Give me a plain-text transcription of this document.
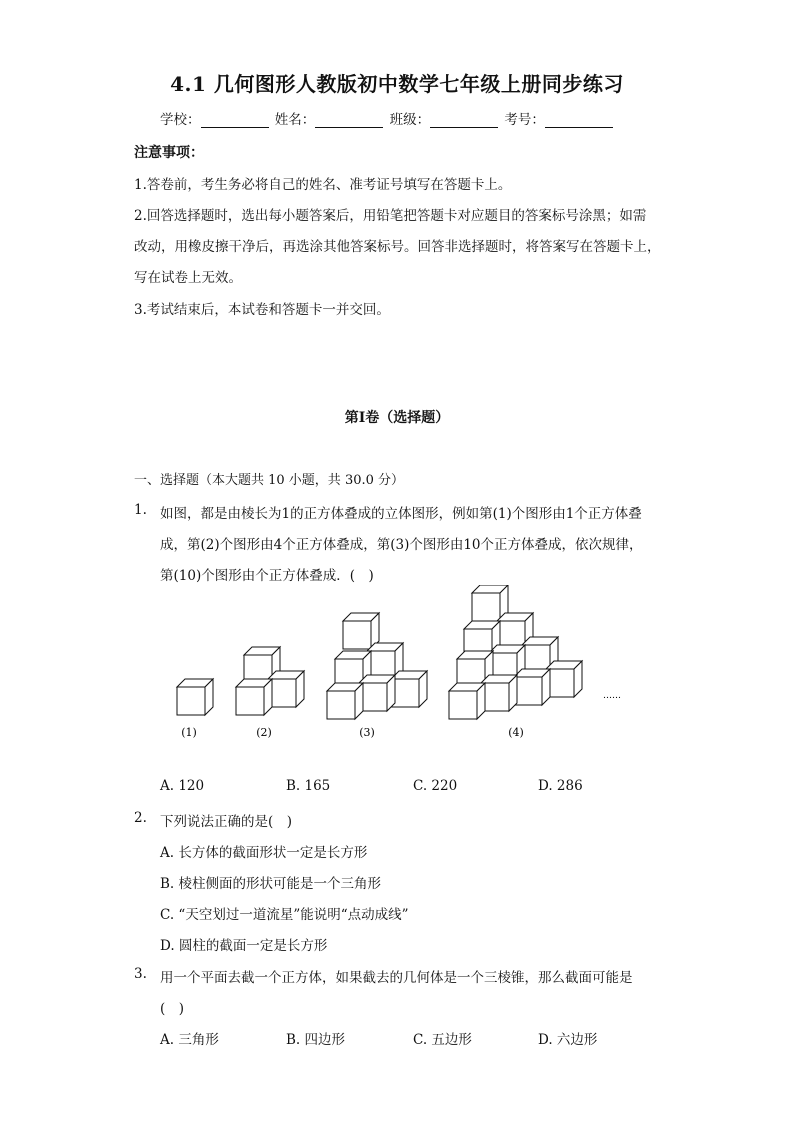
4.1 几何图形人教版初中数学七年级上册同步练习
学校：	姓名：	班级：	考号：
注意事项：
1.答卷前，考生务必将自己的姓名、准考证号填写在答题卡上。
2.回答选择题时，选出每小题答案后，用铅笔把答题卡对应题目的答案标号涂黑；如需
改动，用橡皮擦干净后，再选涂其他答案标号。回答非选择题时，将答案写在答题卡上，
写在试卷上无效。
3.考试结束后，本试卷和答题卡一并交回。
第Ⅰ卷（选择题）
一、选择题（本大题共 10 小题，共 30.0 分）
1. 如图，都是由棱长为1的正方体叠成的立体图形，例如第(1)个图形由1个正方体叠
成，第(2)个图形由4个正方体叠成，第(3)个图形由10个正方体叠成，依次规律，
第(10)个图形由个正方体叠成．(　)
(1)	(2)	(3)	(4)
……
A. 120	B. 165	C. 220	D. 286
2. 下列说法正确的是(　)
A. 长方体的截面形状一定是长方形
B. 棱柱侧面的形状可能是一个三角形
C. “天空划过一道流星”能说明“点动成线”
D. 圆柱的截面一定是长方形
3. 用一个平面去截一个正方体，如果截去的几何体是一个三棱锥，那么截面可能是
(　)
A. 三角形	B. 四边形	C. 五边形	D. 六边形
